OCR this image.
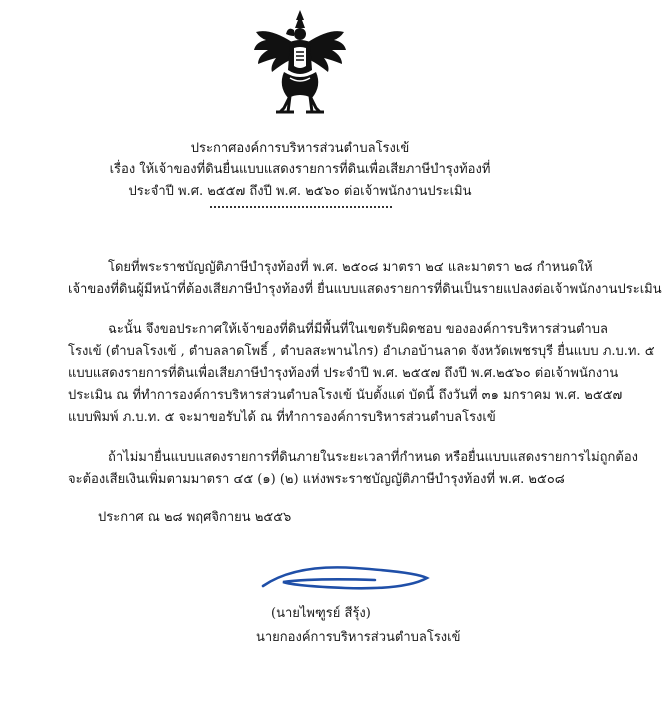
ประกาศองค์การบริหารส่วนตำบลโรงเข้
เรื่อง ให้เจ้าของที่ดินยื่นแบบแสดงรายการที่ดินเพื่อเสียภาษีบำรุงท้องที่
ประจำปี พ.ศ. ๒๕๕๗ ถึงปี พ.ศ. ๒๕๖๐ ต่อเจ้าพนักงานประเมิน
โดยที่พระราชบัญญัติภาษีบำรุงท้องที่ พ.ศ. ๒๕๐๘ มาตรา ๒๔ และมาตรา ๒๘ กำหนดให้
เจ้าของที่ดินผู้มีหน้าที่ต้องเสียภาษีบำรุงท้องที่ ยื่นแบบแสดงรายการที่ดินเป็นรายแปลงต่อเจ้าพนักงานประเมิน
ฉะนั้น จึงขอประกาศให้เจ้าของที่ดินที่มีพื้นที่ในเขตรับผิดชอบ ขององค์การบริหารส่วนตำบล
โรงเข้ (ตำบลโรงเข้ , ตำบลลาดโพธิ์ , ตำบลสะพานไกร) อำเภอบ้านลาด จังหวัดเพชรบุรี ยื่นแบบ ภ.บ.ท. ๕
แบบแสดงรายการที่ดินเพื่อเสียภาษีบำรุงท้องที่ ประจำปี พ.ศ. ๒๕๕๗ ถึงปี พ.ศ.๒๕๖๐ ต่อเจ้าพนักงาน
ประเมิน ณ ที่ทำการองค์การบริหารส่วนตำบลโรงเข้ นับตั้งแต่ บัดนี้ ถึงวันที่ ๓๑ มกราคม พ.ศ. ๒๕๕๗
แบบพิมพ์ ภ.บ.ท. ๕ จะมาขอรับได้ ณ ที่ทำการองค์การบริหารส่วนตำบลโรงเข้
ถ้าไม่มายื่นแบบแสดงรายการที่ดินภายในระยะเวลาที่กำหนด หรือยื่นแบบแสดงรายการไม่ถูกต้อง
จะต้องเสียเงินเพิ่มตามมาตรา ๔๕ (๑) (๒) แห่งพระราชบัญญัติภาษีบำรุงท้องที่ พ.ศ. ๒๕๐๘
ประกาศ ณ ๒๘ พฤศจิกายน ๒๕๕๖
(นายไพฑูรย์ สีรุ้ง)
นายกองค์การบริหารส่วนตำบลโรงเข้
